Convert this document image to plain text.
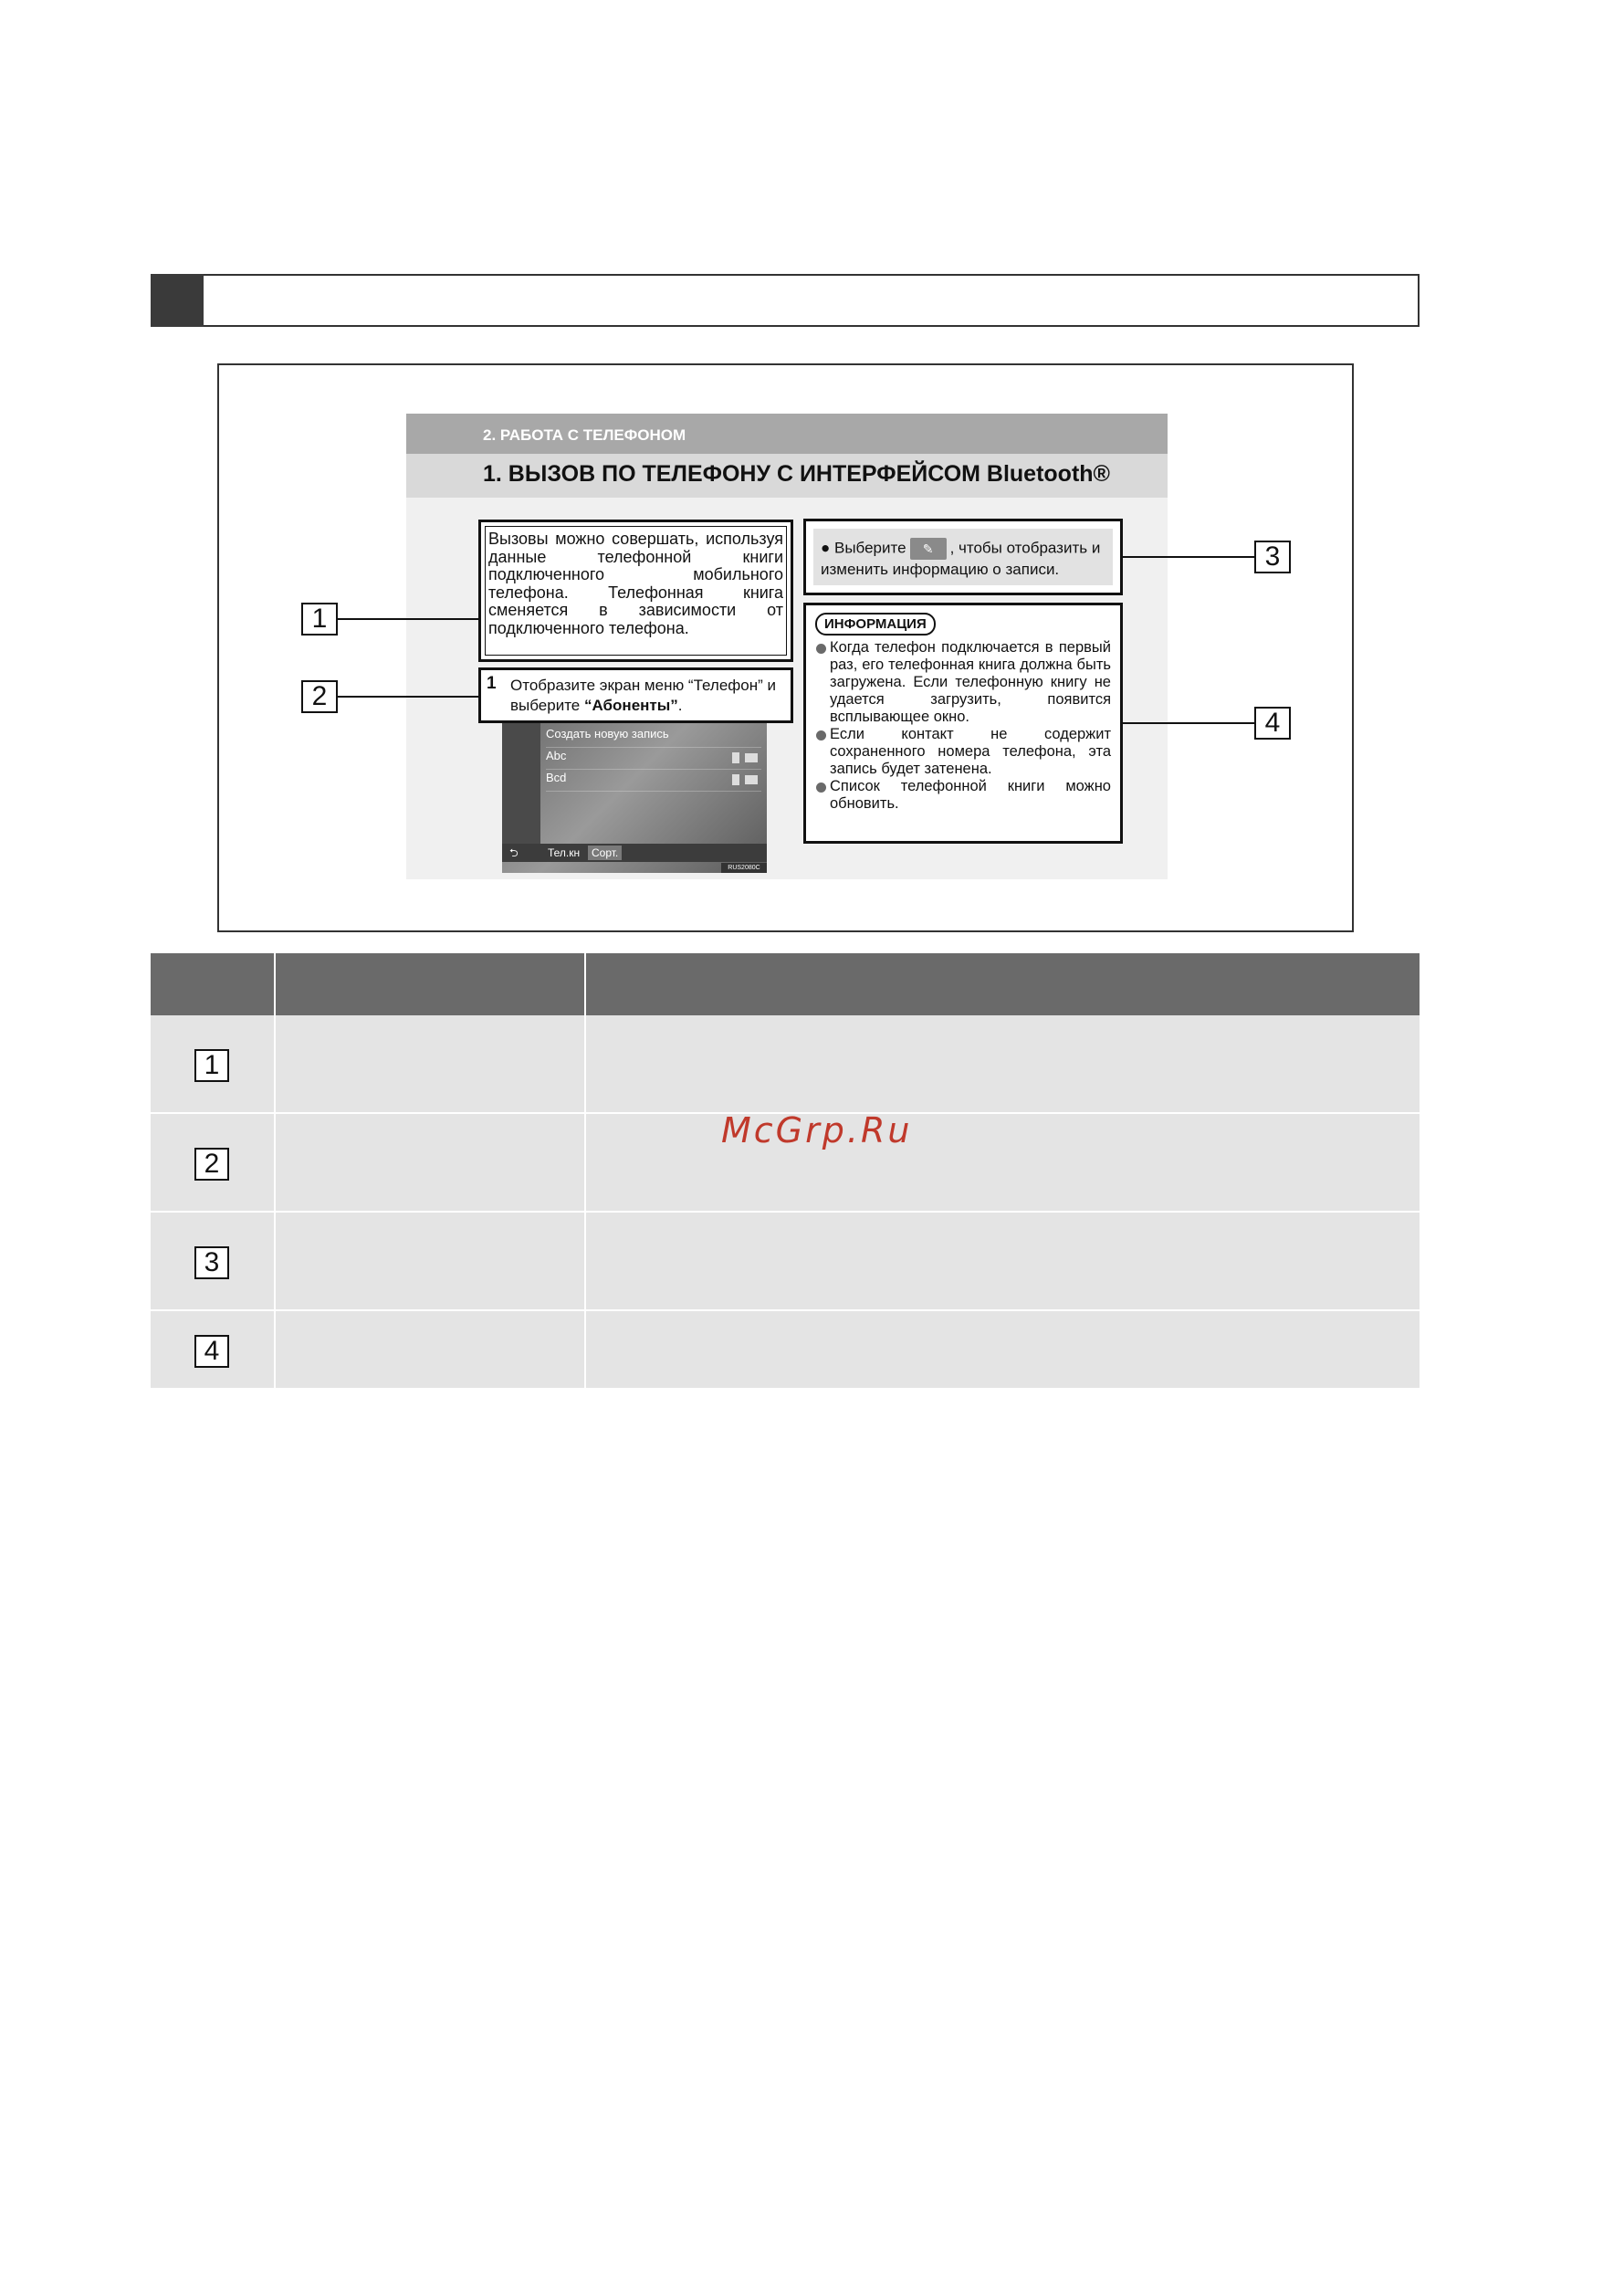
2. РАБОТА С ТЕЛЕФОНОМ
1. ВЫЗОВ ПО ТЕЛЕФОНУ С ИНТЕРФЕЙСОМ Bluetooth®

Вызовы можно совершать, используя данные телефонной книги подключенного мобильного телефона. Телефонная книга сменяется в зависимости от подключенного телефона.

1 Отобразите экран меню “Телефон” и выберите “Абоненты”.
Создать новую запись
Abc
Bcd
⮌	Тел.кн	Сорт.
RUS2080C
● Выберите ✎ , чтобы отобразить и изменить информацию о записи.
ИНФОРМАЦИЯ

Когда телефон подключается в первый раз, его телефонная книга должна быть загружена. Если телефонную книгу не удается загрузить, появится всплывающее окно.

Если контакт не содержит сохраненного номера телефона, эта запись будет затенена.

Список телефонной книги можно обновить.

1
2
3
4
1
2
3
4
McGrp.Ru
